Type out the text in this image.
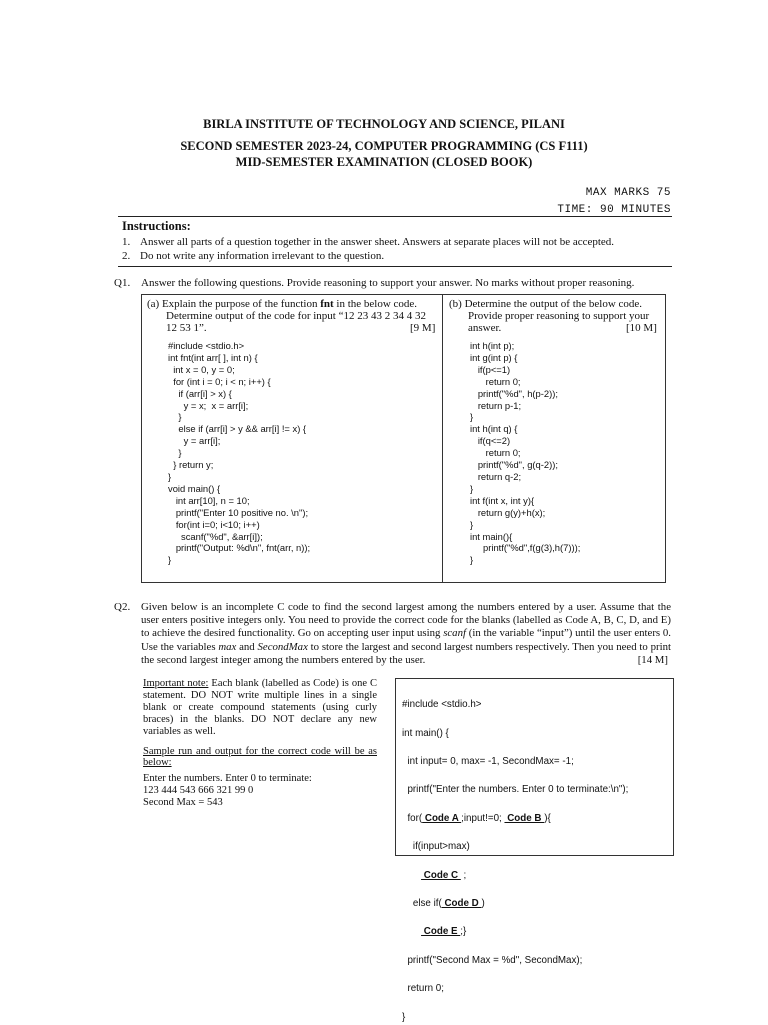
BIRLA INSTITUTE OF TECHNOLOGY AND SCIENCE, PILANI
SECOND SEMESTER 2023-24, COMPUTER PROGRAMMING (CS F111)
MID-SEMESTER EXAMINATION (CLOSED BOOK)
MAX MARKS 75
TIME: 90 MINUTES
Instructions:
1. Answer all parts of a question together in the answer sheet. Answers at separate places will not be accepted.
2. Do not write any information irrelevant to the question.
Q1. Answer the following questions. Provide reasoning to support your answer. No marks without proper reasoning.
(a) Explain the purpose of the function fnt in the below code.
Determine output of the code for input “12 23 43 2 34 4 32
12 53 1”.	[9 M]
#include <stdio.h>
int fnt(int arr[ ], int n) {
int x = 0, y = 0;
for (int i = 0; i < n; i++) {
if (arr[i] > x) {
y = x;  x = arr[i];
}
else if (arr[i] > y && arr[i] != x) {
y = arr[i];
}
} return y;
}
void main() {
int arr[10], n = 10;
printf("Enter 10 positive no. \n");
for(int i=0; i<10; i++)
scanf("%d", &arr[i]);
printf("Output: %d\n", fnt(arr, n));
}
(b) Determine the output of the below code.
Provide proper reasoning to support your
answer.	[10 M]
int h(int p);
int g(int p) {
if(p<=1)
return 0;
printf("%d", h(p-2));
return p-1;
}
int h(int q) {
if(q<=2)
return 0;
printf("%d", g(q-2));
return q-2;
}
int f(int x, int y){
return g(y)+h(x);
}
int main(){
printf("%d",f(g(3),h(7)));
}
Q2. Given below is an incomplete C code to find the second largest among the numbers entered by a user. Assume that the user enters positive integers only. You need to provide the correct code for the blanks (labelled as Code A, B, C, D, and E) to achieve the desired functionality. Go on accepting user input using scanf (in the variable “input”) until the user enters 0. Use the variables max and SecondMax to store the largest and second largest numbers respectively. Then you need to print the second largest integer among the numbers entered by the user.	[14 M]
Important note: Each blank (labelled as Code) is one C statement. DO NOT write multiple lines in a single blank or create compound statements (using curly braces) in the blanks. DO NOT declare any new variables as well.
Sample run and output for the correct code will be as below:
Enter the numbers. Enter 0 to terminate:
123 444 543 666 321 99 0
Second Max = 543

#include <stdio.h>

int main() {

int input= 0, max= -1, SecondMax= -1;

printf("Enter the numbers. Enter 0 to terminate:\n");

for( Code A ;input!=0;  Code B ){

if(input>max)

Code C  ;

else if( Code D )

Code E ;}

printf("Second Max = %d", SecondMax);

return 0;

}
